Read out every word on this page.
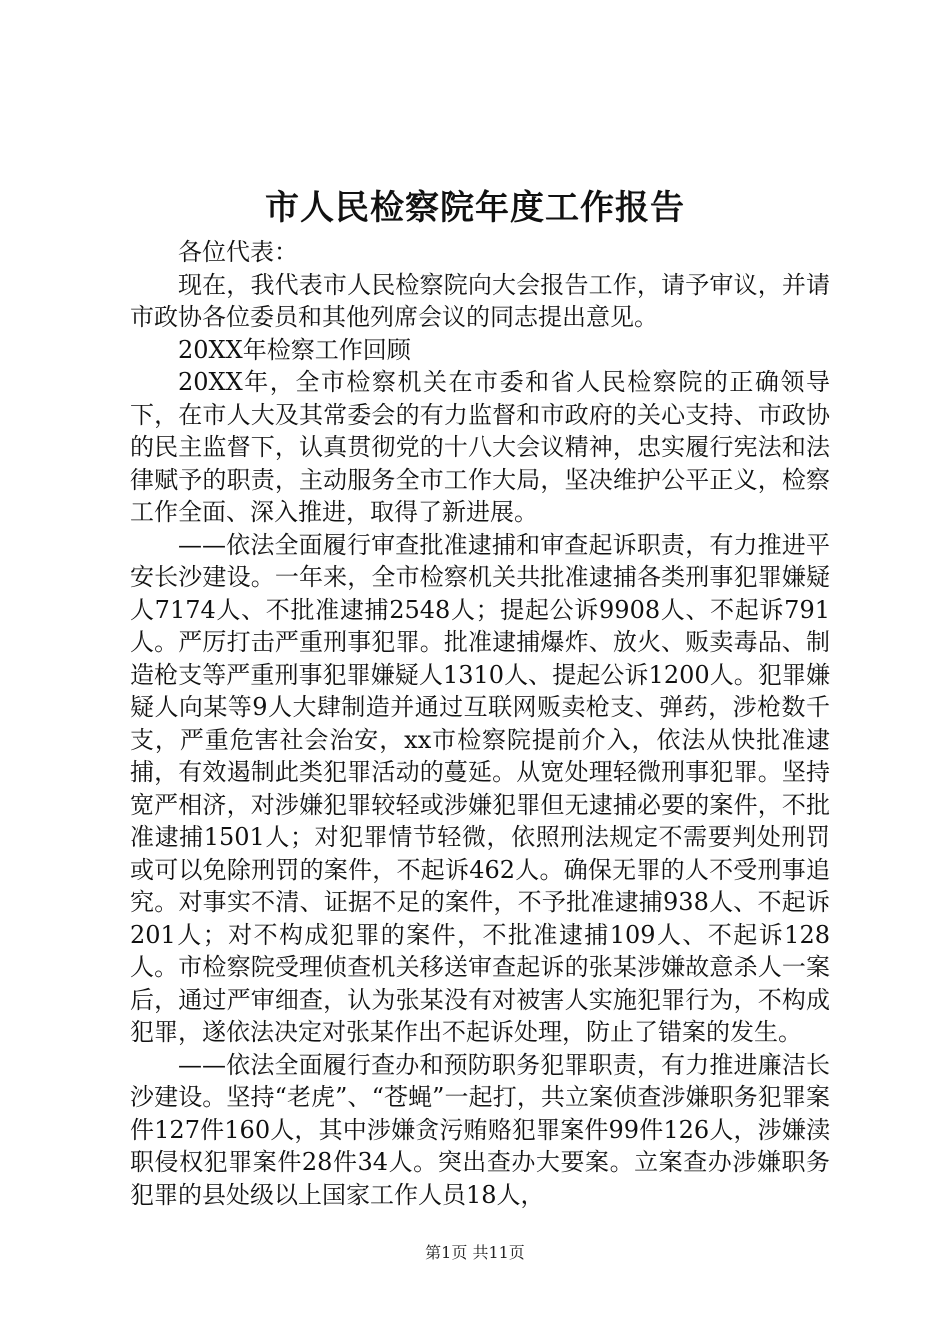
市人民检察院年度工作报告

各位代表：

现在，我代表市人民检察院向大会报告工作，请予审议，并请市政协各位委员和其他列席会议的同志提出意见。

20XX年检察工作回顾

20XX年，全市检察机关在市委和省人民检察院的正确领导下，在市人大及其常委会的有力监督和市政府的关心支持、市政协的民主监督下，认真贯彻党的十八大会议精神，忠实履行宪法和法律赋予的职责，主动服务全市工作大局，坚决维护公平正义，检察工作全面、深入推进，取得了新进展。

——依法全面履行审查批准逮捕和审查起诉职责，有力推进平安长沙建设。一年来，全市检察机关共批准逮捕各类刑事犯罪嫌疑人7174人、不批准逮捕2548人；提起公诉9908人、不起诉791人。严厉打击严重刑事犯罪。批准逮捕爆炸、放火、贩卖毒品、制造枪支等严重刑事犯罪嫌疑人1310人、提起公诉1200人。犯罪嫌疑人向某等9人大肆制造并通过互联网贩卖枪支、弹药，涉枪数千支，严重危害社会治安，xx市检察院提前介入，依法从快批准逮捕，有效遏制此类犯罪活动的蔓延。从宽处理轻微刑事犯罪。坚持宽严相济，对涉嫌犯罪较轻或涉嫌犯罪但无逮捕必要的案件，不批准逮捕1501人；对犯罪情节轻微，依照刑法规定不需要判处刑罚或可以免除刑罚的案件，不起诉462人。确保无罪的人不受刑事追究。对事实不清、证据不足的案件，不予批准逮捕938人、不起诉201人；对不构成犯罪的案件，不批准逮捕109人、不起诉128人。市检察院受理侦查机关移送审查起诉的张某涉嫌故意杀人一案后，通过严审细查，认为张某没有对被害人实施犯罪行为，不构成犯罪，遂依法决定对张某作出不起诉处理，防止了错案的发生。

——依法全面履行查办和预防职务犯罪职责，有力推进廉洁长沙建设。坚持“老虎”、“苍蝇”一起打，共立案侦查涉嫌职务犯罪案件127件160人，其中涉嫌贪污贿赂犯罪案件99件126人，涉嫌渎职侵权犯罪案件28件34人。突出查办大要案。立案查办涉嫌职务犯罪的县处级以上国家工作人员18人，

第1页 共11页
